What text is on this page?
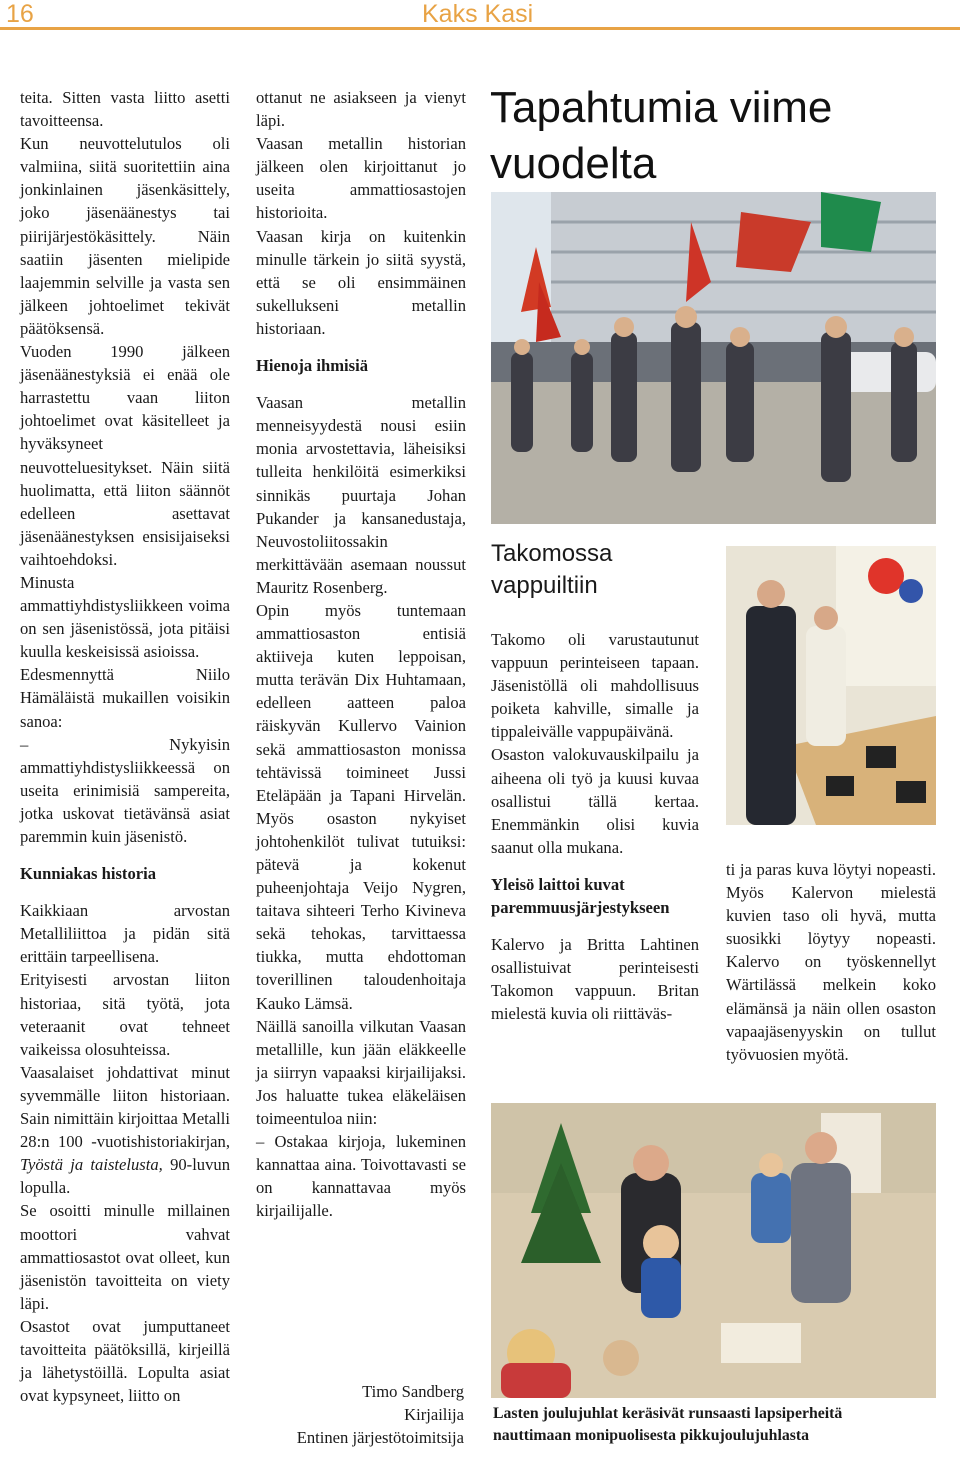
16	Kaks Kasi
teita. Sitten vasta liitto asetti tavoitteensa.
Kun neuvottelutulos oli valmiina, siitä suoritettiin aina jonkinlainen jäsenkäsittely, joko jäsenäänestys tai piirijärjestökäsittely. Näin saatiin jäsenten mielipide laajemmin selville ja vasta sen jälkeen johtoelimet tekivät päätöksensä.
Vuoden 1990 jälkeen jäsenäänestyksiä ei enää ole harrastettu vaan liiton johtoelimet ovat käsitelleet ja hyväksyneet neuvotteluesitykset. Näin siitä huolimatta, että liiton säännöt edelleen asettavat jäsenäänestyksen ensisijaiseksi vaihtoehdoksi.
Minusta ammattiyhdistysliikkeen voima on sen jäsenistössä, jota pitäisi kuulla keskeisissä asioissa.
Edesmennyttä Niilo Hämäläistä mukaillen voisikin sanoa:
– Nykyisin ammattiyhdistysliikkeessä on useita erinimisiä sampereita, jotka uskovat tietävänsä asiat paremmin kuin jäsenistö.
Kunniakas historia
Kaikkiaan arvostan Metalliliittoa ja pidän sitä erittäin tarpeellisena.
Erityisesti arvostan liiton historiaa, sitä työtä, jota veteraanit ovat tehneet vaikeissa olosuhteissa.
Vaasalaiset johdattivat minut syvemmälle liiton historiaan. Sain nimittäin kirjoittaa Metalli 28:n 100 -vuotishistoriakirjan, Työstä ja taistelusta, 90-luvun lopulla.
Se osoitti minulle millainen moottori vahvat ammattiosastot ovat olleet, kun jäsenistön tavoitteita on viety läpi.
Osastot ovat jumputtaneet tavoitteita päätöksillä, kirjeillä ja lähetystöillä. Lopulta asiat ovat kypsyneet, liitto on
ottanut ne asiakseen ja vienyt läpi.
Vaasan metallin historian jälkeen olen kirjoittanut jo useita ammattiosastojen historioita.
Vaasan kirja on kuitenkin minulle tärkein jo siitä syystä, että se oli ensimmäinen sukellukseni metallin historiaan.
Hienoja ihmisiä
Vaasan metallin menneisyydestä nousi esiin monia arvostettavia, läheisiksi tulleita henkilöitä esimerkiksi sinnikäs puurtaja Johan Pukander ja kansanedustaja, Neuvostoliitossakin merkittävään asemaan noussut Mauritz Rosenberg.
Opin myös tuntemaan ammattiosaston entisiä aktiiveja kuten leppoisan, mutta terävän Dix Huhtamaan, edelleen aatteen paloa räiskyvän Kullervo Vainion sekä ammattiosaston monissa tehtävissä toimineet Jussi Eteläpään ja Tapani Hirvelän. Myös osaston nykyiset johtohenkilöt tulivat tutuiksi: pätevä ja kokenut puheenjohtaja Veijo Nygren, taitava sihteeri Terho Kivineva sekä tehokas, tarvittaessa tiukka, mutta ehdottoman toverillinen taloudenhoitaja Kauko Lämsä.
Näillä sanoilla vilkutan Vaasan metallille, kun jään eläkkeelle ja siirryn vapaaksi kirjailijaksi. Jos haluatte tukea eläkeläisen toimeentuloa niin:
– Ostakaa kirjoja, lukeminen kannattaa aina. Toivottavasti se on kannattavaa myös kirjailijalle.
Timo Sandberg
Kirjailija
Entinen järjestötoimitsija
Tapahtumia viime vuodelta
Takomossa vappuiltiin
Takomo oli varustautunut vappuun perinteiseen tapaan. Jäsenistöllä oli mahdollisuus poiketa kahville, simalle ja tippaleivälle vappupäivänä.
Osaston valokuvauskilpailu ja aiheena oli työ ja kuusi kuvaa osallistui tällä kertaa. Enemmänkin olisi kuvia saanut olla mukana.
Yleisö laittoi kuvat paremmuusjärjestykseen
Kalervo ja Britta Lahtinen osallistuivat perinteisesti Takomon vappuun. Britan mielestä kuvia oli riittäväs-
ti ja paras kuva löytyi nopeasti. Myös Kalervon mielestä kuvien taso oli hyvä, mutta suosikki löytyy nopeasti. Kalervo on työskennellyt Wärtilässä melkein koko elämänsä ja näin ollen osaston vapaajäsenyyskin on tullut työvuosien myötä.
Lasten joulujuhlat keräsivät runsaasti lapsiperheitä
nauttimaan monipuolisesta pikkujoulujuhlasta
